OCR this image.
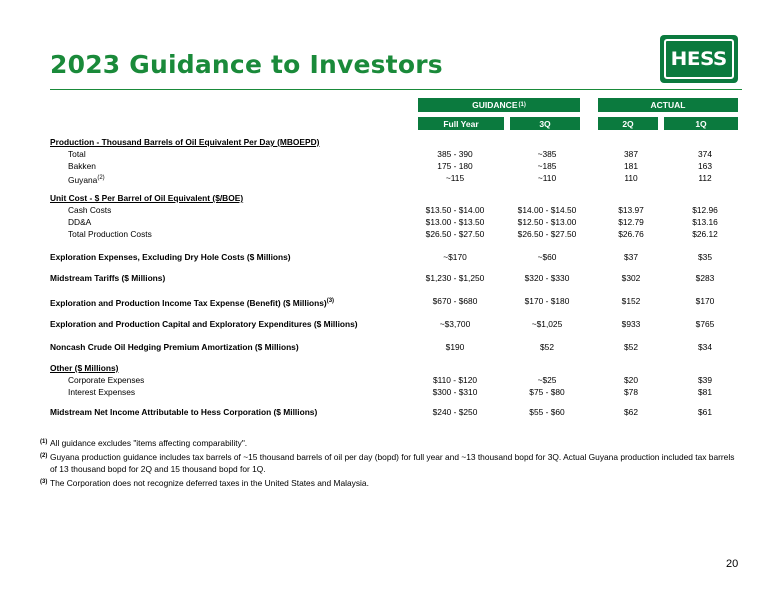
2023 Guidance to Investors	HESS
GUIDANCE (1)	ACTUAL
Full Year	3Q	2Q	1Q
Production - Thousand Barrels of Oil Equivalent Per Day (MBOEPD)
Total	385 - 390	~385	387	374
Bakken	175 - 180	~185	181	163
Guyana$^{(2)}$	~115	~110	110	112
Unit Cost - $ Per Barrel of Oil Equivalent ($/BOE)
Cash Costs	$13.50 - $14.00	$14.00 - $14.50	$13.97	$12.96
DD&A	$13.00 - $13.50	$12.50 - $13.00	$12.79	$13.16
Total Production Costs	$26.50 - $27.50	$26.50 - $27.50	$26.76	$26.12
Exploration Expenses, Excluding Dry Hole Costs ($ Millions)	~$170	~$60	$37	$35
Midstream Tariffs ($ Millions)	$1,230 - $1,250	$320 - $330	$302	$283
Exploration and Production Income Tax Expense (Benefit) ($ Millions)$^{(3)}$	$670 - $680	$170 - $180	$152	$170
Exploration and Production Capital and Exploratory Expenditures ($ Millions)	~$3,700	~$1,025	$933	$765
Noncash Crude Oil Hedging Premium Amortization ($ Millions)	$190	$52	$52	$34
Other ($ Millions)
Corporate Expenses	$110 - $120	~$25	$20	$39
Interest Expenses	$300 - $310	$75 - $80	$78	$81
Midstream Net Income Attributable to Hess Corporation ($ Millions)	$240 - $250	$55 - $60	$62	$61
(1) All guidance excludes "items affecting comparability".
(2) Guyana production guidance includes tax barrels of ~15 thousand barrels of oil per day (bopd) for full year and ~13 thousand bopd for 3Q. Actual Guyana production included tax barrels of 13 thousand bopd for 2Q and 15 thousand bopd for 1Q.
(3) The Corporation does not recognize deferred taxes in the United States and Malaysia.
20
